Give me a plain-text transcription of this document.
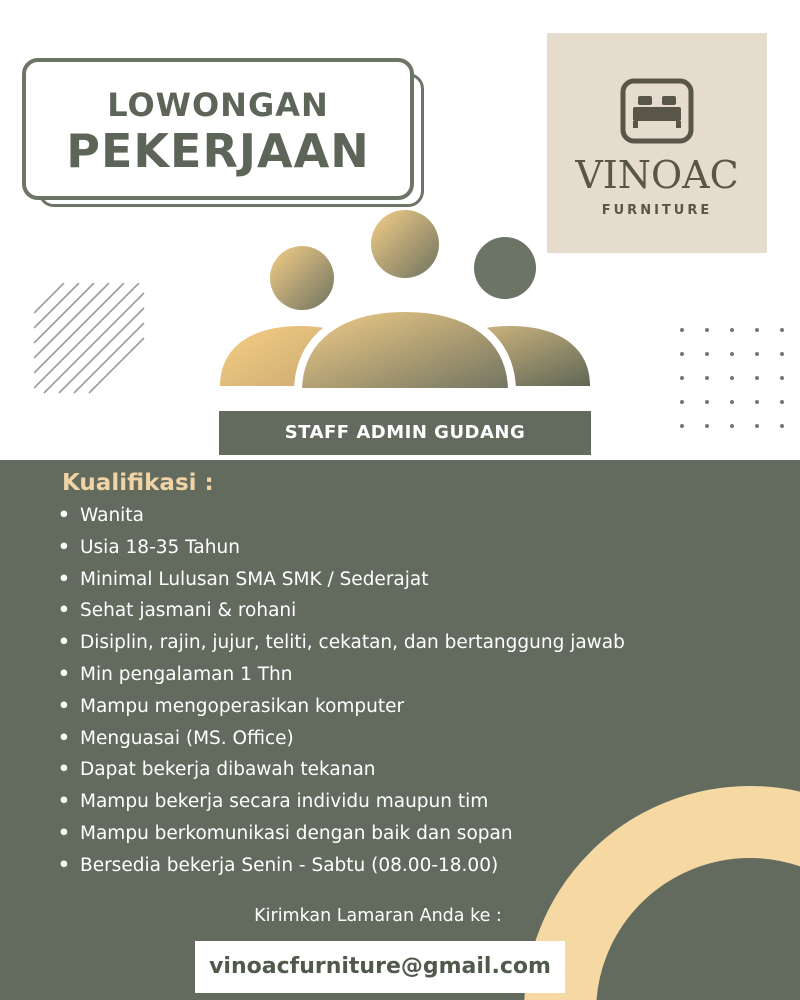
LOWONGAN
PEKERJAAN	VINOAC
FURNITURE
STAFF ADMIN GUDANG
Kualifikasi :
• Wanita
• Usia 18-35 Tahun
• Minimal Lulusan SMA SMK / Sederajat
• Sehat jasmani & rohani
• Disiplin, rajin, jujur, teliti, cekatan, dan bertanggung jawab
• Min pengalaman 1 Thn
• Mampu mengoperasikan komputer
• Menguasai (MS. Office)
• Dapat bekerja dibawah tekanan
• Mampu bekerja secara individu maupun tim
• Mampu berkomunikasi dengan baik dan sopan
• Bersedia bekerja Senin - Sabtu (08.00-18.00)
Kirimkan Lamaran Anda ke :
vinoacfurniture@gmail.com
